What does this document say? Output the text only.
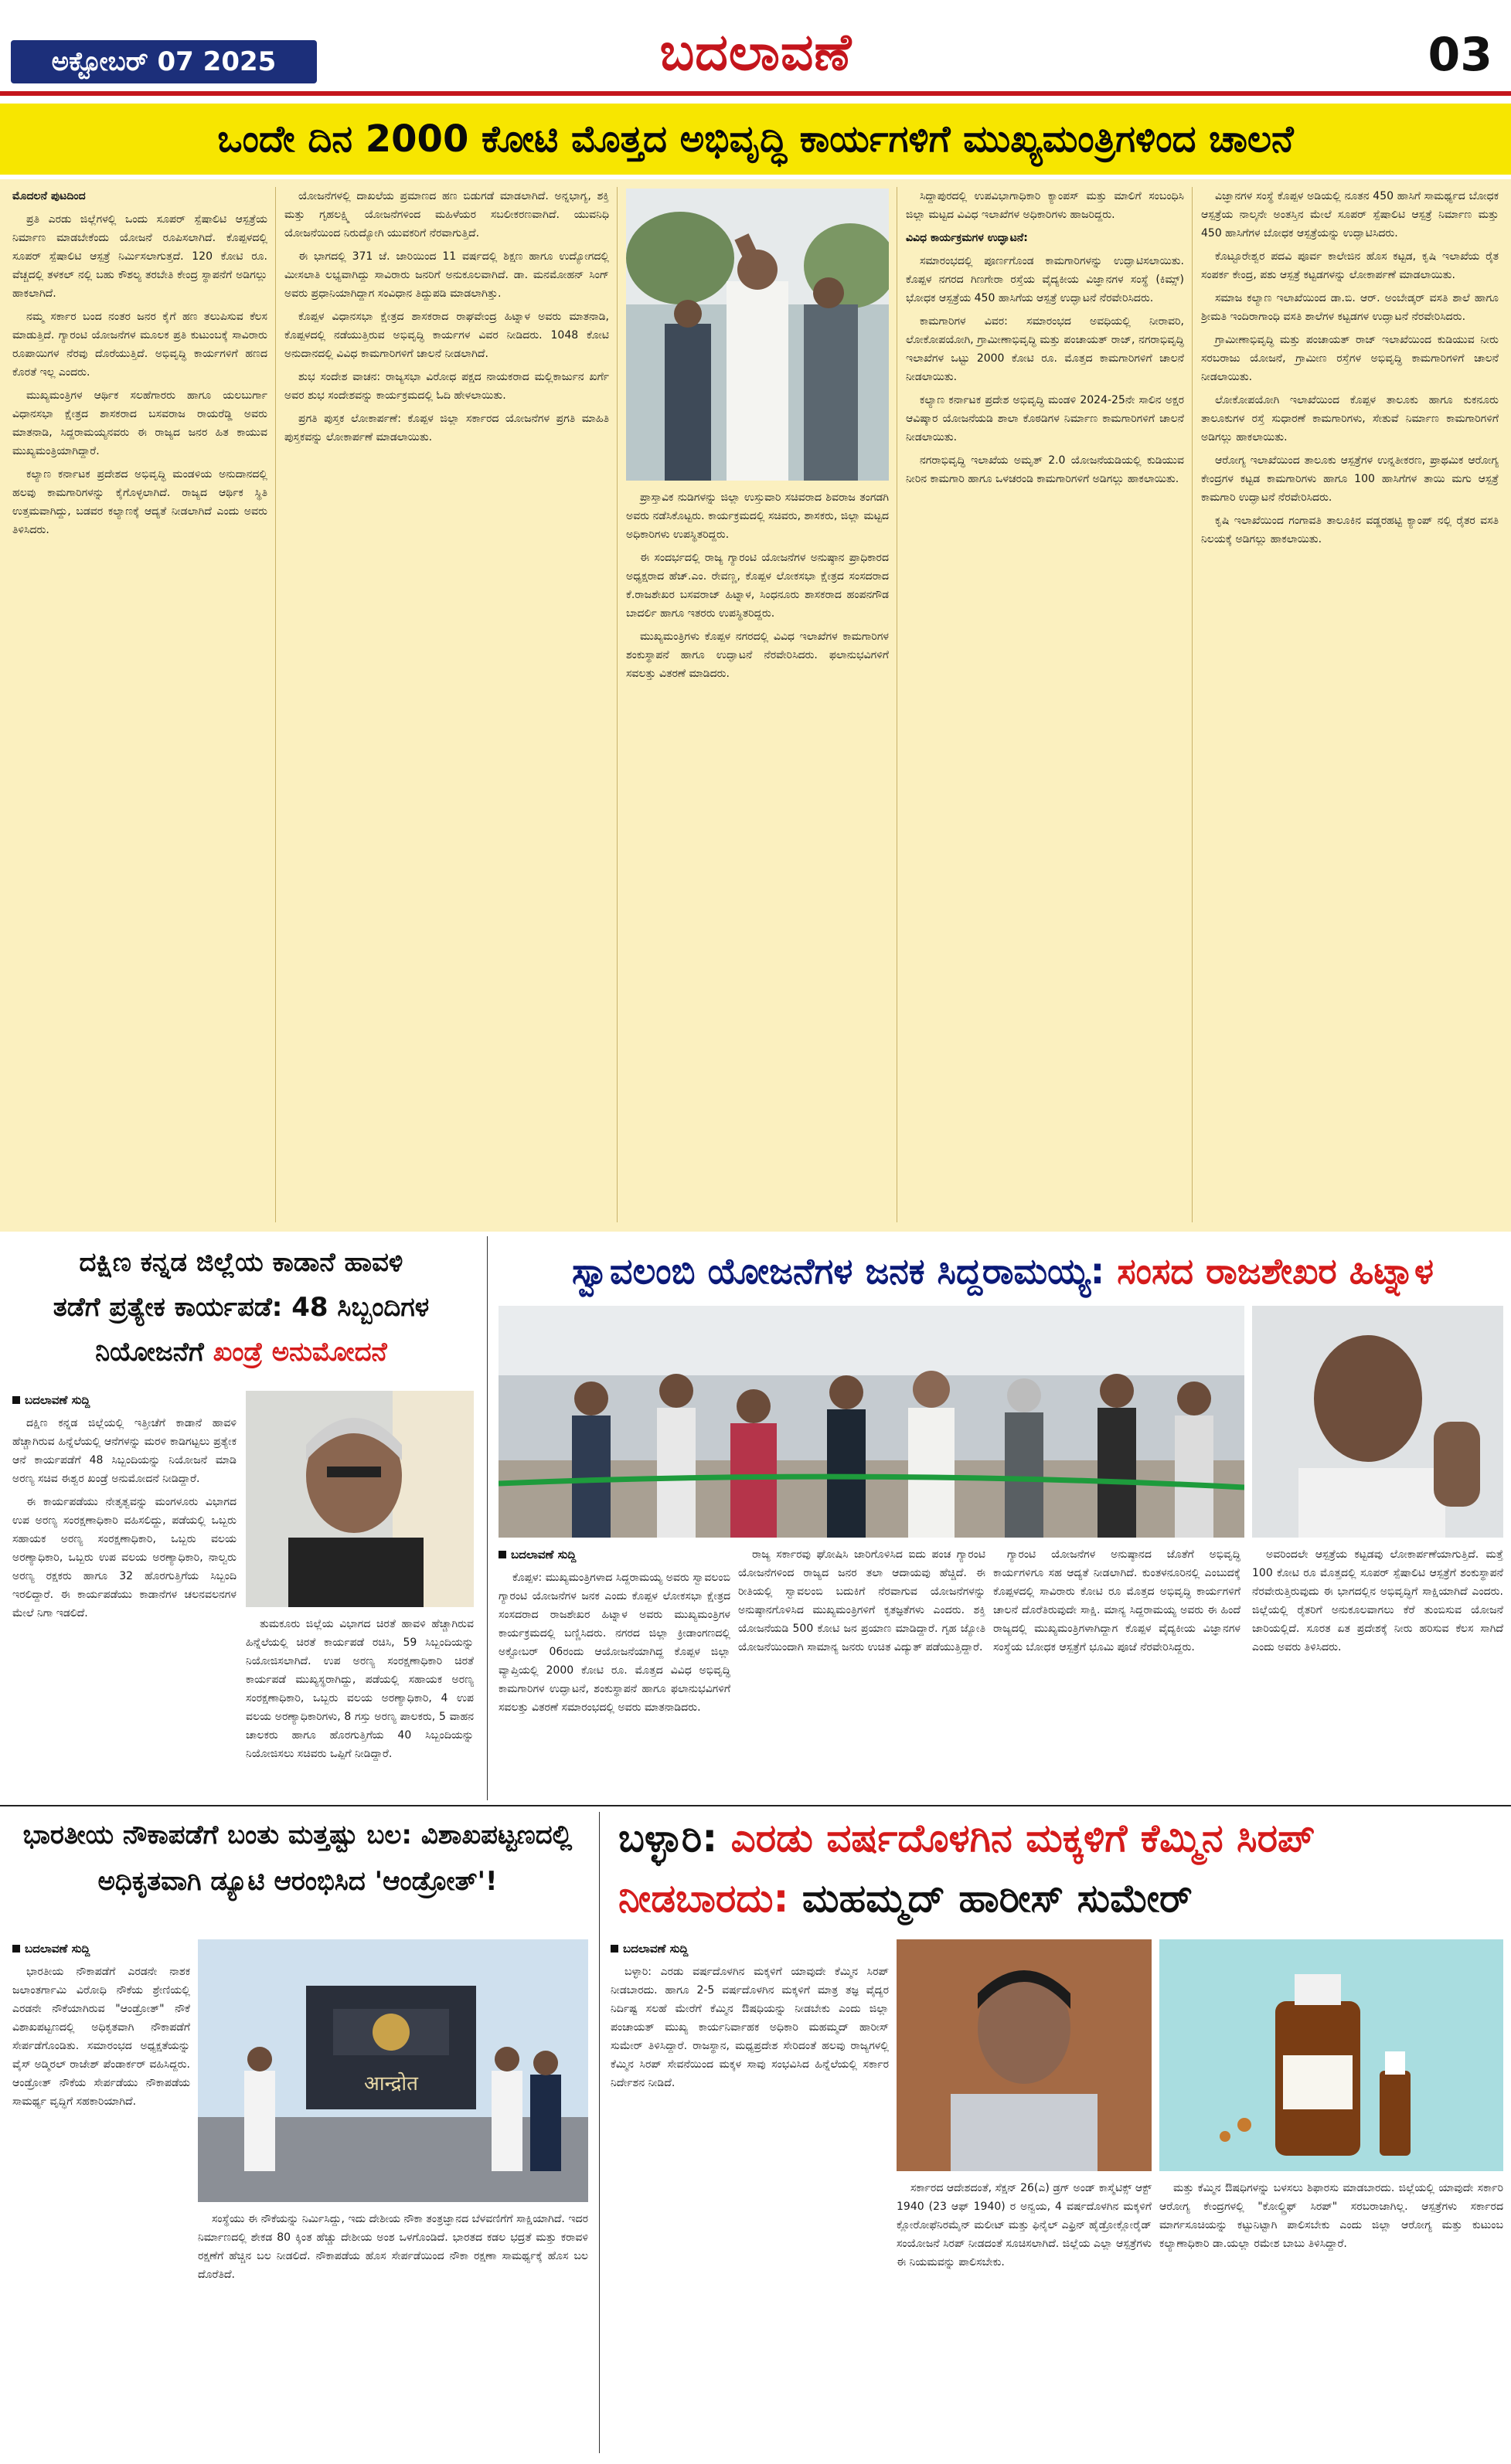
ಅಕ್ಟೋಬರ್ 07 2025	ಬದಲಾವಣೆ	03
ಒಂದೇ ದಿನ 2000 ಕೋಟಿ ಮೊತ್ತದ ಅಭಿವೃದ್ಧಿ ಕಾರ್ಯಗಳಿಗೆ ಮುಖ್ಯಮಂತ್ರಿಗಳಿಂದ ಚಾಲನೆ

ಮೊದಲನೆ ಪುಟದಿಂದ

ಪ್ರತಿ ಎರಡು ಜಿಲ್ಲೆಗಳಲ್ಲಿ ಒಂದು ಸೂಪರ್ ಸ್ಪೆಷಾಲಿಟಿ ಆಸ್ಪತ್ರೆಯ ನಿರ್ಮಾಣ ಮಾಡಬೇಕೆಂದು ಯೋಜನೆ ರೂಪಿಸಲಾಗಿದೆ. ಕೊಪ್ಪಳದಲ್ಲಿ ಸೂಪರ್ ಸ್ಪೆಷಾಲಿಟಿ ಆಸ್ಪತ್ರೆ ನಿರ್ಮಿಸಲಾಗುತ್ತದೆ. 120 ಕೋಟಿ ರೂ. ವೆಚ್ಚದಲ್ಲಿ ತಳಕಲ್ ನಲ್ಲಿ ಬಹು ಕೌಶಲ್ಯ ತರಬೇತಿ ಕೇಂದ್ರ ಸ್ಥಾಪನೆಗೆ ಅಡಿಗಲ್ಲು ಹಾಕಲಾಗಿದೆ.

ನಮ್ಮ ಸರ್ಕಾರ ಬಂದ ನಂತರ ಜನರ ಕೈಗೆ ಹಣ ತಲುಪಿಸುವ ಕೆಲಸ ಮಾಡುತ್ತಿದೆ. ಗ್ಯಾರಂಟಿ ಯೋಜನೆಗಳ ಮೂಲಕ ಪ್ರತಿ ಕುಟುಂಬಕ್ಕೆ ಸಾವಿರಾರು ರೂಪಾಯಿಗಳ ನೆರವು ದೊರೆಯುತ್ತಿದೆ. ಅಭಿವೃದ್ಧಿ ಕಾರ್ಯಗಳಿಗೆ ಹಣದ ಕೊರತೆ ಇಲ್ಲ ಎಂದರು.

ಮುಖ್ಯಮಂತ್ರಿಗಳ ಆರ್ಥಿಕ ಸಲಹೆಗಾರರು ಹಾಗೂ ಯಲಬುರ್ಗಾ ವಿಧಾನಸಭಾ ಕ್ಷೇತ್ರದ ಶಾಸಕರಾದ ಬಸವರಾಜ ರಾಯರೆಡ್ಡಿ ಅವರು ಮಾತನಾಡಿ, ಸಿದ್ದರಾಮಯ್ಯನವರು ಈ ರಾಜ್ಯದ ಜನರ ಹಿತ ಕಾಯುವ ಮುಖ್ಯಮಂತ್ರಿಯಾಗಿದ್ದಾರೆ.

ಕಲ್ಯಾಣ ಕರ್ನಾಟಕ ಪ್ರದೇಶದ ಅಭಿವೃದ್ಧಿ ಮಂಡಳಿಯ ಅನುದಾನದಲ್ಲಿ ಹಲವು ಕಾಮಗಾರಿಗಳನ್ನು ಕೈಗೊಳ್ಳಲಾಗಿದೆ. ರಾಜ್ಯದ ಆರ್ಥಿಕ ಸ್ಥಿತಿ ಉತ್ತಮವಾಗಿದ್ದು, ಬಡವರ ಕಲ್ಯಾಣಕ್ಕೆ ಆದ್ಯತೆ ನೀಡಲಾಗಿದೆ ಎಂದು ಅವರು ತಿಳಿಸಿದರು.

ಯೋಜನೆಗಳಲ್ಲಿ ದಾಖಲೆಯ ಪ್ರಮಾಣದ ಹಣ ಬಿಡುಗಡೆ ಮಾಡಲಾಗಿದೆ. ಅನ್ನಭಾಗ್ಯ, ಶಕ್ತಿ ಮತ್ತು ಗೃಹಲಕ್ಷ್ಮಿ ಯೋಜನೆಗಳಿಂದ ಮಹಿಳೆಯರ ಸಬಲೀಕರಣವಾಗಿದೆ. ಯುವನಿಧಿ ಯೋಜನೆಯಿಂದ ನಿರುದ್ಯೋಗಿ ಯುವಕರಿಗೆ ನೆರವಾಗುತ್ತಿದೆ.

ಈ ಭಾಗದಲ್ಲಿ 371 ಜೆ. ಜಾರಿಯಿಂದ 11 ವರ್ಷದಲ್ಲಿ ಶಿಕ್ಷಣ ಹಾಗೂ ಉದ್ಯೋಗದಲ್ಲಿ ಮೀಸಲಾತಿ ಲಭ್ಯವಾಗಿದ್ದು ಸಾವಿರಾರು ಜನರಿಗೆ ಅನುಕೂಲವಾಗಿದೆ. ಡಾ. ಮನಮೋಹನ್ ಸಿಂಗ್ ಅವರು ಪ್ರಧಾನಿಯಾಗಿದ್ದಾಗ ಸಂವಿಧಾನ ತಿದ್ದುಪಡಿ ಮಾಡಲಾಗಿತ್ತು.

ಕೊಪ್ಪಳ ವಿಧಾನಸಭಾ ಕ್ಷೇತ್ರದ ಶಾಸಕರಾದ ರಾಘವೇಂದ್ರ ಹಿಟ್ನಾಳ ಅವರು ಮಾತನಾಡಿ, ಕೊಪ್ಪಳದಲ್ಲಿ ನಡೆಯುತ್ತಿರುವ ಅಭಿವೃದ್ಧಿ ಕಾರ್ಯಗಳ ವಿವರ ನೀಡಿದರು. 1048 ಕೋಟಿ ಅನುದಾನದಲ್ಲಿ ವಿವಿಧ ಕಾಮಗಾರಿಗಳಿಗೆ ಚಾಲನೆ ನೀಡಲಾಗಿದೆ.

ಶುಭ ಸಂದೇಶ ವಾಚನ: ರಾಜ್ಯಸಭಾ ವಿರೋಧ ಪಕ್ಷದ ನಾಯಕರಾದ ಮಲ್ಲಿಕಾರ್ಜುನ ಖರ್ಗೆ ಅವರ ಶುಭ ಸಂದೇಶವನ್ನು ಕಾರ್ಯಕ್ರಮದಲ್ಲಿ ಓದಿ ಹೇಳಲಾಯಿತು.

ಪ್ರಗತಿ ಪುಸ್ತಕ ಲೋಕಾರ್ಪಣೆ: ಕೊಪ್ಪಳ ಜಿಲ್ಲಾ ಸರ್ಕಾರದ ಯೋಜನೆಗಳ ಪ್ರಗತಿ ಮಾಹಿತಿ ಪುಸ್ತಕವನ್ನು ಲೋಕಾರ್ಪಣೆ ಮಾಡಲಾಯಿತು.

ಪ್ರಾಸ್ತಾವಿಕ ನುಡಿಗಳನ್ನು ಜಿಲ್ಲಾ ಉಸ್ತುವಾರಿ ಸಚಿವರಾದ ಶಿವರಾಜ ತಂಗಡಗಿ ಅವರು ನಡೆಸಿಕೊಟ್ಟರು. ಕಾರ್ಯಕ್ರಮದಲ್ಲಿ ಸಚಿವರು, ಶಾಸಕರು, ಜಿಲ್ಲಾ ಮಟ್ಟದ ಅಧಿಕಾರಿಗಳು ಉಪಸ್ಥಿತರಿದ್ದರು.

ಈ ಸಂದರ್ಭದಲ್ಲಿ ರಾಜ್ಯ ಗ್ಯಾರಂಟಿ ಯೋಜನೆಗಳ ಅನುಷ್ಠಾನ ಪ್ರಾಧಿಕಾರದ ಅಧ್ಯಕ್ಷರಾದ ಹೆಚ್.ಎಂ. ರೇವಣ್ಣ, ಕೊಪ್ಪಳ ಲೋಕಸಭಾ ಕ್ಷೇತ್ರದ ಸಂಸದರಾದ ಕೆ.ರಾಜಶೇಖರ ಬಸವರಾಜ್ ಹಿಟ್ನಾಳ, ಸಿಂಧನೂರು ಶಾಸಕರಾದ ಹಂಪನಗೌಡ ಬಾದರ್ಲಿ ಹಾಗೂ ಇತರರು ಉಪಸ್ಥಿತರಿದ್ದರು.

ಮುಖ್ಯಮಂತ್ರಿಗಳು ಕೊಪ್ಪಳ ನಗರದಲ್ಲಿ ವಿವಿಧ ಇಲಾಖೆಗಳ ಕಾಮಗಾರಿಗಳ ಶಂಕುಸ್ಥಾಪನೆ ಹಾಗೂ ಉದ್ಘಾಟನೆ ನೆರವೇರಿಸಿದರು. ಫಲಾನುಭವಿಗಳಿಗೆ ಸವಲತ್ತು ವಿತರಣೆ ಮಾಡಿದರು.

ಸಿದ್ದಾಪುರದಲ್ಲಿ ಉಪವಿಭಾಗಾಧಿಕಾರಿ ಕ್ಯಾಂಪಸ್ ಮತ್ತು ಮಾಲಿಗೆ ಸಂಬಂಧಿಸಿ ಜಿಲ್ಲಾ ಮಟ್ಟದ ವಿವಿಧ ಇಲಾಖೆಗಳ ಅಧಿಕಾರಿಗಳು ಹಾಜರಿದ್ದರು.

ವಿವಿಧ ಕಾರ್ಯಕ್ರಮಗಳ ಉದ್ಘಾಟನೆ:

ಸಮಾರಂಭದಲ್ಲಿ ಪೂರ್ಣಗೊಂಡ ಕಾಮಗಾರಿಗಳನ್ನು ಉದ್ಘಾಟಿಸಲಾಯಿತು. ಕೊಪ್ಪಳ ನಗರದ ಗಿಣಗೇರಾ ರಸ್ತೆಯ ವೈದ್ಯಕೀಯ ವಿಜ್ಞಾನಗಳ ಸಂಸ್ಥೆ (ಕಿಮ್ಸ್) ಭೋಧಕ ಆಸ್ಪತ್ರೆಯ 450 ಹಾಸಿಗೆಯ ಆಸ್ಪತ್ರೆ ಉದ್ಘಾಟನೆ ನೆರವೇರಿಸಿದರು.

ಕಾಮಗಾರಿಗಳ ವಿವರ: ಸಮಾರಂಭದ ಅವಧಿಯಲ್ಲಿ ನೀರಾವರಿ, ಲೋಕೋಪಯೋಗಿ, ಗ್ರಾಮೀಣಾಭಿವೃದ್ಧಿ ಮತ್ತು ಪಂಚಾಯತ್ ರಾಜ್, ನಗರಾಭಿವೃದ್ಧಿ ಇಲಾಖೆಗಳ ಒಟ್ಟು 2000 ಕೋಟಿ ರೂ. ಮೊತ್ತದ ಕಾಮಗಾರಿಗಳಿಗೆ ಚಾಲನೆ ನೀಡಲಾಯಿತು.

ಕಲ್ಯಾಣ ಕರ್ನಾಟಕ ಪ್ರದೇಶ ಅಭಿವೃದ್ಧಿ ಮಂಡಳಿ 2024-25ನೇ ಸಾಲಿನ ಅಕ್ಷರ ಆವಿಷ್ಕಾರ ಯೋಜನೆಯಡಿ ಶಾಲಾ ಕೊಠಡಿಗಳ ನಿರ್ಮಾಣ ಕಾಮಗಾರಿಗಳಿಗೆ ಚಾಲನೆ ನೀಡಲಾಯಿತು.

ನಗರಾಭಿವೃದ್ಧಿ ಇಲಾಖೆಯ ಅಮೃತ್ 2.0 ಯೋಜನೆಯಡಿಯಲ್ಲಿ ಕುಡಿಯುವ ನೀರಿನ ಕಾಮಗಾರಿ ಹಾಗೂ ಒಳಚರಂಡಿ ಕಾಮಗಾರಿಗಳಿಗೆ ಅಡಿಗಲ್ಲು ಹಾಕಲಾಯಿತು.

ವಿಜ್ಞಾನಗಳ ಸಂಸ್ಥೆ ಕೊಪ್ಪಳ ಅಡಿಯಲ್ಲಿ ನೂತನ 450 ಹಾಸಿಗೆ ಸಾಮರ್ಥ್ಯದ ಬೋಧಕ ಆಸ್ಪತ್ರೆಯ ನಾಲ್ಕನೇ ಅಂತಸ್ತಿನ ಮೇಲೆ ಸೂಪರ್ ಸ್ಪೆಷಾಲಿಟಿ ಆಸ್ಪತ್ರೆ ನಿರ್ಮಾಣ ಮತ್ತು 450 ಹಾಸಿಗೆಗಳ ಬೋಧಕ ಆಸ್ಪತ್ರೆಯನ್ನು ಉದ್ಘಾಟಿಸಿದರು.

ಕೊಟ್ಟೂರೇಶ್ವರ ಪದವಿ ಪೂರ್ವ ಕಾಲೇಜಿನ ಹೊಸ ಕಟ್ಟಡ, ಕೃಷಿ ಇಲಾಖೆಯ ರೈತ ಸಂಪರ್ಕ ಕೇಂದ್ರ, ಪಶು ಆಸ್ಪತ್ರೆ ಕಟ್ಟಡಗಳನ್ನು ಲೋಕಾರ್ಪಣೆ ಮಾಡಲಾಯಿತು.

ಸಮಾಜ ಕಲ್ಯಾಣ ಇಲಾಖೆಯಿಂದ ಡಾ.ಬಿ. ಆರ್. ಅಂಬೇಡ್ಕರ್ ವಸತಿ ಶಾಲೆ ಹಾಗೂ ಶ್ರೀಮತಿ ಇಂದಿರಾಗಾಂಧಿ ವಸತಿ ಶಾಲೆಗಳ ಕಟ್ಟಡಗಳ ಉದ್ಘಾಟನೆ ನೆರವೇರಿಸಿದರು.

ಗ್ರಾಮೀಣಾಭಿವೃದ್ಧಿ ಮತ್ತು ಪಂಚಾಯತ್ ರಾಜ್ ಇಲಾಖೆಯಿಂದ ಕುಡಿಯುವ ನೀರು ಸರಬರಾಜು ಯೋಜನೆ, ಗ್ರಾಮೀಣ ರಸ್ತೆಗಳ ಅಭಿವೃದ್ಧಿ ಕಾಮಗಾರಿಗಳಿಗೆ ಚಾಲನೆ ನೀಡಲಾಯಿತು.

ಲೋಕೋಪಯೋಗಿ ಇಲಾಖೆಯಿಂದ ಕೊಪ್ಪಳ ತಾಲೂಕು ಹಾಗೂ ಕುಕನೂರು ತಾಲೂಕುಗಳ ರಸ್ತೆ ಸುಧಾರಣೆ ಕಾಮಗಾರಿಗಳು, ಸೇತುವೆ ನಿರ್ಮಾಣ ಕಾಮಗಾರಿಗಳಿಗೆ ಅಡಿಗಲ್ಲು ಹಾಕಲಾಯಿತು.

ಆರೋಗ್ಯ ಇಲಾಖೆಯಿಂದ ತಾಲೂಕು ಆಸ್ಪತ್ರೆಗಳ ಉನ್ನತೀಕರಣ, ಪ್ರಾಥಮಿಕ ಆರೋಗ್ಯ ಕೇಂದ್ರಗಳ ಕಟ್ಟಡ ಕಾಮಗಾರಿಗಳು ಹಾಗೂ 100 ಹಾಸಿಗೆಗಳ ತಾಯಿ ಮಗು ಆಸ್ಪತ್ರೆ ಕಾಮಗಾರಿ ಉದ್ಘಾಟನೆ ನೆರವೇರಿಸಿದರು.

ಕೃಷಿ ಇಲಾಖೆಯಿಂದ ಗಂಗಾವತಿ ತಾಲೂಕಿನ ವಡ್ಡರಹಟ್ಟಿ ಕ್ಯಾಂಪ್ ನಲ್ಲಿ ರೈತರ ವಸತಿ ನಿಲಯಕ್ಕೆ ಅಡಿಗಲ್ಲು ಹಾಕಲಾಯಿತು.

ದಕ್ಷಿಣ ಕನ್ನಡ ಜಿಲ್ಲೆಯ ಕಾಡಾನೆ ಹಾವಳಿ
ತಡೆಗೆ ಪ್ರತ್ಯೇಕ ಕಾರ್ಯಪಡೆ: 48 ಸಿಬ್ಬಂದಿಗಳ
ನಿಯೋಜನೆಗೆ ಖಂಡ್ರೆ ಅನುಮೋದನೆ
ಬದಲಾವಣೆ ಸುದ್ದಿ

ದಕ್ಷಿಣ ಕನ್ನಡ ಜಿಲ್ಲೆಯಲ್ಲಿ ಇತ್ತೀಚೆಗೆ ಕಾಡಾನೆ ಹಾವಳಿ ಹೆಚ್ಚಾಗಿರುವ ಹಿನ್ನೆಲೆಯಲ್ಲಿ ಆನೆಗಳನ್ನು ಮರಳಿ ಕಾಡಿಗಟ್ಟಲು ಪ್ರತ್ಯೇಕ ಆನೆ ಕಾರ್ಯಪಡೆಗೆ 48 ಸಿಬ್ಬಂದಿಯನ್ನು ನಿಯೋಜನೆ ಮಾಡಿ ಅರಣ್ಯ ಸಚಿವ ಈಶ್ವರ ಖಂಡ್ರೆ ಅನುಮೋದನೆ ನೀಡಿದ್ದಾರೆ.

ಈ ಕಾರ್ಯಪಡೆಯು ನೇತೃತ್ವವನ್ನು ಮಂಗಳೂರು ವಿಭಾಗದ ಉಪ ಅರಣ್ಯ ಸಂರಕ್ಷಣಾಧಿಕಾರಿ ವಹಿಸಲಿದ್ದು, ಪಡೆಯಲ್ಲಿ ಒಬ್ಬರು ಸಹಾಯಕ ಅರಣ್ಯ ಸಂರಕ್ಷಣಾಧಿಕಾರಿ, ಒಬ್ಬರು ವಲಯ ಅರಣ್ಯಾಧಿಕಾರಿ, ಒಬ್ಬರು ಉಪ ವಲಯ ಅರಣ್ಯಾಧಿಕಾರಿ, ನಾಲ್ವರು ಅರಣ್ಯ ರಕ್ಷಕರು ಹಾಗೂ 32 ಹೊರಗುತ್ತಿಗೆಯ ಸಿಬ್ಬಂದಿ ಇರಲಿದ್ದಾರೆ. ಈ ಕಾರ್ಯಪಡೆಯು ಕಾಡಾನೆಗಳ ಚಲನವಲನಗಳ ಮೇಲೆ ನಿಗಾ ಇಡಲಿದೆ.

ತುಮಕೂರು ಜಿಲ್ಲೆಯ ವಿಭಾಗದ ಚಿರತೆ ಹಾವಳಿ ಹೆಚ್ಚಾಗಿರುವ ಹಿನ್ನೆಲೆಯಲ್ಲಿ ಚಿರತೆ ಕಾರ್ಯಪಡೆ ರಚಿಸಿ, 59 ಸಿಬ್ಬಂದಿಯನ್ನು ನಿಯೋಜಿಸಲಾಗಿದೆ. ಉಪ ಅರಣ್ಯ ಸಂರಕ್ಷಣಾಧಿಕಾರಿ ಚಿರತೆ ಕಾರ್ಯಪಡೆ ಮುಖ್ಯಸ್ಥರಾಗಿದ್ದು, ಪಡೆಯಲ್ಲಿ ಸಹಾಯಕ ಅರಣ್ಯ ಸಂರಕ್ಷಣಾಧಿಕಾರಿ, ಒಬ್ಬರು ವಲಯ ಅರಣ್ಯಾಧಿಕಾರಿ, 4 ಉಪ ವಲಯ ಅರಣ್ಯಾಧಿಕಾರಿಗಳು, 8 ಗಸ್ತು ಅರಣ್ಯ ಪಾಲಕರು, 5 ವಾಹನ ಚಾಲಕರು ಹಾಗೂ ಹೊರಗುತ್ತಿಗೆಯ 40 ಸಿಬ್ಬಂದಿಯನ್ನು ನಿಯೋಜಿಸಲು ಸಚಿವರು ಒಪ್ಪಿಗೆ ನೀಡಿದ್ದಾರೆ.

ಸ್ವಾವಲಂಬಿ ಯೋಜನೆಗಳ ಜನಕ ಸಿದ್ದರಾಮಯ್ಯ: ಸಂಸದ ರಾಜಶೇಖರ ಹಿಟ್ನಾಳ
ಬದಲಾವಣೆ ಸುದ್ದಿ

ಕೊಪ್ಪಳ: ಮುಖ್ಯಮಂತ್ರಿಗಳಾದ ಸಿದ್ದರಾಮಯ್ಯ ಅವರು ಸ್ವಾವಲಂಬಿ ಗ್ಯಾರಂಟಿ ಯೋಜನೆಗಳ ಜನಕ ಎಂದು ಕೊಪ್ಪಳ ಲೋಕಸಭಾ ಕ್ಷೇತ್ರದ ಸಂಸದರಾದ ರಾಜಶೇಖರ ಹಿಟ್ನಾಳ ಅವರು ಮುಖ್ಯಮಂತ್ರಿಗಳ ಕಾರ್ಯಕ್ರಮದಲ್ಲಿ ಬಣ್ಣಿಸಿದರು. ನಗರದ ಜಿಲ್ಲಾ ಕ್ರೀಡಾಂಗಣದಲ್ಲಿ ಅಕ್ಟೋಬರ್ 06ರಂದು ಆಯೋಜನೆಯಾಗಿದ್ದ ಕೊಪ್ಪಳ ಜಿಲ್ಲಾ ವ್ಯಾಪ್ತಿಯಲ್ಲಿ 2000 ಕೋಟಿ ರೂ. ಮೊತ್ತದ ವಿವಿಧ ಅಭಿವೃದ್ಧಿ ಕಾಮಗಾರಿಗಳ ಉದ್ಘಾಟನೆ, ಶಂಕುಸ್ಥಾಪನೆ ಹಾಗೂ ಫಲಾನುಭವಿಗಳಿಗೆ ಸವಲತ್ತು ವಿತರಣೆ ಸಮಾರಂಭದಲ್ಲಿ ಅವರು ಮಾತನಾಡಿದರು.

ರಾಜ್ಯ ಸರ್ಕಾರವು ಘೋಷಿಸಿ ಜಾರಿಗೊಳಿಸಿದ ಐದು ಪಂಚ ಗ್ಯಾರಂಟಿ ಯೋಜನೆಗಳಿಂದ ರಾಜ್ಯದ ಜನರ ತಲಾ ಆದಾಯವು ಹೆಚ್ಚಿದೆ. ಈ ರೀತಿಯಲ್ಲಿ ಸ್ವಾವಲಂಬಿ ಬದುಕಿಗೆ ನೆರವಾಗುವ ಯೋಜನೆಗಳನ್ನು ಅನುಷ್ಠಾನಗೊಳಿಸಿದ ಮುಖ್ಯಮಂತ್ರಿಗಳಿಗೆ ಕೃತಜ್ಞತೆಗಳು ಎಂದರು. ಶಕ್ತಿ ಯೋಜನೆಯಡಿ 500 ಕೋಟಿ ಜನ ಪ್ರಯಾಣ ಮಾಡಿದ್ದಾರೆ. ಗೃಹ ಜ್ಯೋತಿ ಯೋಜನೆಯಿಂದಾಗಿ ಸಾಮಾನ್ಯ ಜನರು ಉಚಿತ ವಿದ್ಯುತ್ ಪಡೆಯುತ್ತಿದ್ದಾರೆ.

ಗ್ಯಾರಂಟಿ ಯೋಜನೆಗಳ ಅನುಷ್ಠಾನದ ಜೊತೆಗೆ ಅಭಿವೃದ್ಧಿ ಕಾರ್ಯಗಳಿಗೂ ಸಹ ಆದ್ಯತೆ ನೀಡಲಾಗಿದೆ. ಕುಂತಳನೂರಿನಲ್ಲಿ ಎಂಬುದಕ್ಕೆ ಕೊಪ್ಪಳದಲ್ಲಿ ಸಾವಿರಾರು ಕೋಟಿ ರೂ ಮೊತ್ತದ ಅಭಿವೃದ್ಧಿ ಕಾರ್ಯಗಳಿಗೆ ಚಾಲನೆ ದೊರೆತಿರುವುದೇ ಸಾಕ್ಷಿ. ಮಾನ್ಯ ಸಿದ್ದರಾಮಯ್ಯ ಅವರು ಈ ಹಿಂದೆ ರಾಜ್ಯದಲ್ಲಿ ಮುಖ್ಯಮಂತ್ರಿಗಳಾಗಿದ್ದಾಗ ಕೊಪ್ಪಳ ವೈದ್ಯಕೀಯ ವಿಜ್ಞಾನಗಳ ಸಂಸ್ಥೆಯ ಬೋಧಕ ಆಸ್ಪತ್ರೆಗೆ ಭೂಮಿ ಪೂಜೆ ನೆರವೇರಿಸಿದ್ದರು.

ಅವರಿಂದಲೇ ಆಸ್ಪತ್ರೆಯ ಕಟ್ಟಡವು ಲೋಕಾರ್ಪಣೆಯಾಗುತ್ತಿದೆ. ಮತ್ತೆ 100 ಕೋಟಿ ರೂ ಮೊತ್ತದಲ್ಲಿ ಸೂಪರ್ ಸ್ಪೆಷಾಲಿಟಿ ಆಸ್ಪತ್ರೆಗೆ ಶಂಕುಸ್ಥಾಪನೆ ನೆರವೇರುತ್ತಿರುವುದು ಈ ಭಾಗದಲ್ಲಿನ ಅಭಿವೃದ್ಧಿಗೆ ಸಾಕ್ಷಿಯಾಗಿದೆ ಎಂದರು. ಜಿಲ್ಲೆಯಲ್ಲಿ ರೈತರಿಗೆ ಅನುಕೂಲವಾಗಲು ಕೆರೆ ತುಂಬಿಸುವ ಯೋಜನೆ ಜಾರಿಯಲ್ಲಿದೆ. ಸೂರತ ಏತ ಪ್ರದೇಶಕ್ಕೆ ನೀರು ಹರಿಸುವ ಕೆಲಸ ಸಾಗಿದೆ ಎಂದು ಅವರು ತಿಳಿಸಿದರು.

ಭಾರತೀಯ ನೌಕಾಪಡೆಗೆ ಬಂತು ಮತ್ತಷ್ಟು ಬಲ: ವಿಶಾಖಪಟ್ಟಣದಲ್ಲಿ ಅಧಿಕೃತವಾಗಿ ಡ್ಯೂಟಿ ಆರಂಭಿಸಿದ 'ಆಂಡ್ರೋತ್'!
ಬದಲಾವಣೆ ಸುದ್ದಿ

ಭಾರತೀಯ ನೌಕಾಪಡೆಗೆ ಎರಡನೇ ನಾಶಕ ಜಲಾಂತರ್ಗಾಮಿ ವಿರೋಧಿ ನೌಕೆಯ ಶ್ರೇಣಿಯಲ್ಲಿ ಎರಡನೇ ನೌಕೆಯಾಗಿರುವ "ಆಂಡ್ರೋತ್" ನೌಕೆ ವಿಶಾಖಪಟ್ಟಣದಲ್ಲಿ ಅಧಿಕೃತವಾಗಿ ನೌಕಾಪಡೆಗೆ ಸೇರ್ಪಡೆಗೊಂಡಿತು. ಸಮಾರಂಭದ ಅಧ್ಯಕ್ಷತೆಯನ್ನು ವೈಸ್ ಅಡ್ಮಿರಲ್ ರಾಜೇಶ್ ಪೆಂಡಾರ್ಕರ್ ವಹಿಸಿದ್ದರು. ಆಂಡ್ರೋತ್ ನೌಕೆಯ ಸೇರ್ಪಡೆಯು ನೌಕಾಪಡೆಯ ಸಾಮರ್ಥ್ಯ ವೃದ್ಧಿಗೆ ಸಹಕಾರಿಯಾಗಿದೆ.

आन्द्रोत

ಸಂಸ್ಥೆಯು ಈ ನೌಕೆಯನ್ನು ನಿರ್ಮಿಸಿದ್ದು, ಇದು ದೇಶೀಯ ನೌಕಾ ತಂತ್ರಜ್ಞಾನದ ಬೆಳವಣಿಗೆಗೆ ಸಾಕ್ಷಿಯಾಗಿದೆ. ಇದರ ನಿರ್ಮಾಣದಲ್ಲಿ ಶೇಕಡ 80 ಕ್ಕಿಂತ ಹೆಚ್ಚು ದೇಶೀಯ ಅಂಶ ಒಳಗೊಂಡಿದೆ. ಭಾರತದ ಕಡಲ ಭದ್ರತೆ ಮತ್ತು ಕರಾವಳಿ ರಕ್ಷಣೆಗೆ ಹೆಚ್ಚಿನ ಬಲ ನೀಡಲಿದೆ. ನೌಕಾಪಡೆಯ ಹೊಸ ಸೇರ್ಪಡೆಯಿಂದ ನೌಕಾ ರಕ್ಷಣಾ ಸಾಮರ್ಥ್ಯಕ್ಕೆ ಹೊಸ ಬಲ ದೊರೆತಿದೆ.

ಬಳ್ಳಾರಿ: ಎರಡು ವರ್ಷದೊಳಗಿನ ಮಕ್ಕಳಿಗೆ ಕೆಮ್ಮಿನ ಸಿರಪ್
ನೀಡಬಾರದು: ಮಹಮ್ಮದ್ ಹಾರೀಸ್ ಸುಮೇರ್
ಬದಲಾವಣೆ ಸುದ್ದಿ

ಬಳ್ಳಾರಿ: ಎರಡು ವರ್ಷದೊಳಗಿನ ಮಕ್ಕಳಿಗೆ ಯಾವುದೇ ಕೆಮ್ಮಿನ ಸಿರಪ್ ನೀಡಬಾರದು. ಹಾಗೂ 2-5 ವರ್ಷದೊಳಗಿನ ಮಕ್ಕಳಿಗೆ ಮಾತ್ರ ತಜ್ಞ ವೈದ್ಯರ ನಿರ್ದಿಷ್ಟ ಸಲಹೆ ಮೇರೆಗೆ ಕೆಮ್ಮಿನ ಔಷಧಿಯನ್ನು ನೀಡಬೇಕು ಎಂದು ಜಿಲ್ಲಾ ಪಂಚಾಯತ್ ಮುಖ್ಯ ಕಾರ್ಯನಿರ್ವಾಹಕ ಅಧಿಕಾರಿ ಮಹಮ್ಮದ್ ಹಾರೀಸ್ ಸುಮೇರ್ ತಿಳಿಸಿದ್ದಾರೆ. ರಾಜಸ್ಥಾನ, ಮಧ್ಯಪ್ರದೇಶ ಸೇರಿದಂತೆ ಹಲವು ರಾಜ್ಯಗಳಲ್ಲಿ ಕೆಮ್ಮಿನ ಸಿರಪ್ ಸೇವನೆಯಿಂದ ಮಕ್ಕಳ ಸಾವು ಸಂಭವಿಸಿದ ಹಿನ್ನೆಲೆಯಲ್ಲಿ ಸರ್ಕಾರ ನಿರ್ದೇಶನ ನೀಡಿದೆ.

ಸರ್ಕಾರದ ಆದೇಶದಂತೆ, ಸೆಕ್ಷನ್ 26(ಎ) ಡ್ರಗ್ ಅಂಡ್ ಕಾಸ್ಮೆಟಿಕ್ಸ್ ಆಕ್ಟ್ 1940 (23 ಆಫ್ 1940) ರ ಅನ್ವಯ, 4 ವರ್ಷದೊಳಗಿನ ಮಕ್ಕಳಿಗೆ ಕ್ಲೋರೋಫೆನಿರಮೈನ್ ಮಲೀಟ್ ಮತ್ತು ಫಿನೈಲ್ ಎಫ್ರಿನ್ ಹೈಡ್ರೋಕ್ಲೋರೈಡ್ ಸಂಯೋಜನೆ ಸಿರಪ್ ನೀಡದಂತೆ ಸೂಚಿಸಲಾಗಿದೆ. ಜಿಲ್ಲೆಯ ಎಲ್ಲಾ ಆಸ್ಪತ್ರೆಗಳು ಈ ನಿಯಮವನ್ನು ಪಾಲಿಸಬೇಕು.

ಮತ್ತು ಕೆಮ್ಮಿನ ಔಷಧಿಗಳನ್ನು ಬಳಸಲು ಶಿಫಾರಸು ಮಾಡಬಾರದು. ಜಿಲ್ಲೆಯಲ್ಲಿ ಯಾವುದೇ ಸರ್ಕಾರಿ ಆರೋಗ್ಯ ಕೇಂದ್ರಗಳಲ್ಲಿ "ಕೋಲ್ಡ್ರಿಫ್ ಸಿರಪ್" ಸರಬರಾಜಾಗಿಲ್ಲ. ಆಸ್ಪತ್ರೆಗಳು ಸರ್ಕಾರದ ಮಾರ್ಗಸೂಚಿಯನ್ನು ಕಟ್ಟುನಿಟ್ಟಾಗಿ ಪಾಲಿಸಬೇಕು ಎಂದು ಜಿಲ್ಲಾ ಆರೋಗ್ಯ ಮತ್ತು ಕುಟುಂಬ ಕಲ್ಯಾಣಾಧಿಕಾರಿ ಡಾ.ಯಲ್ಲಾ ರಮೇಶ ಬಾಬು ತಿಳಿಸಿದ್ದಾರೆ.
